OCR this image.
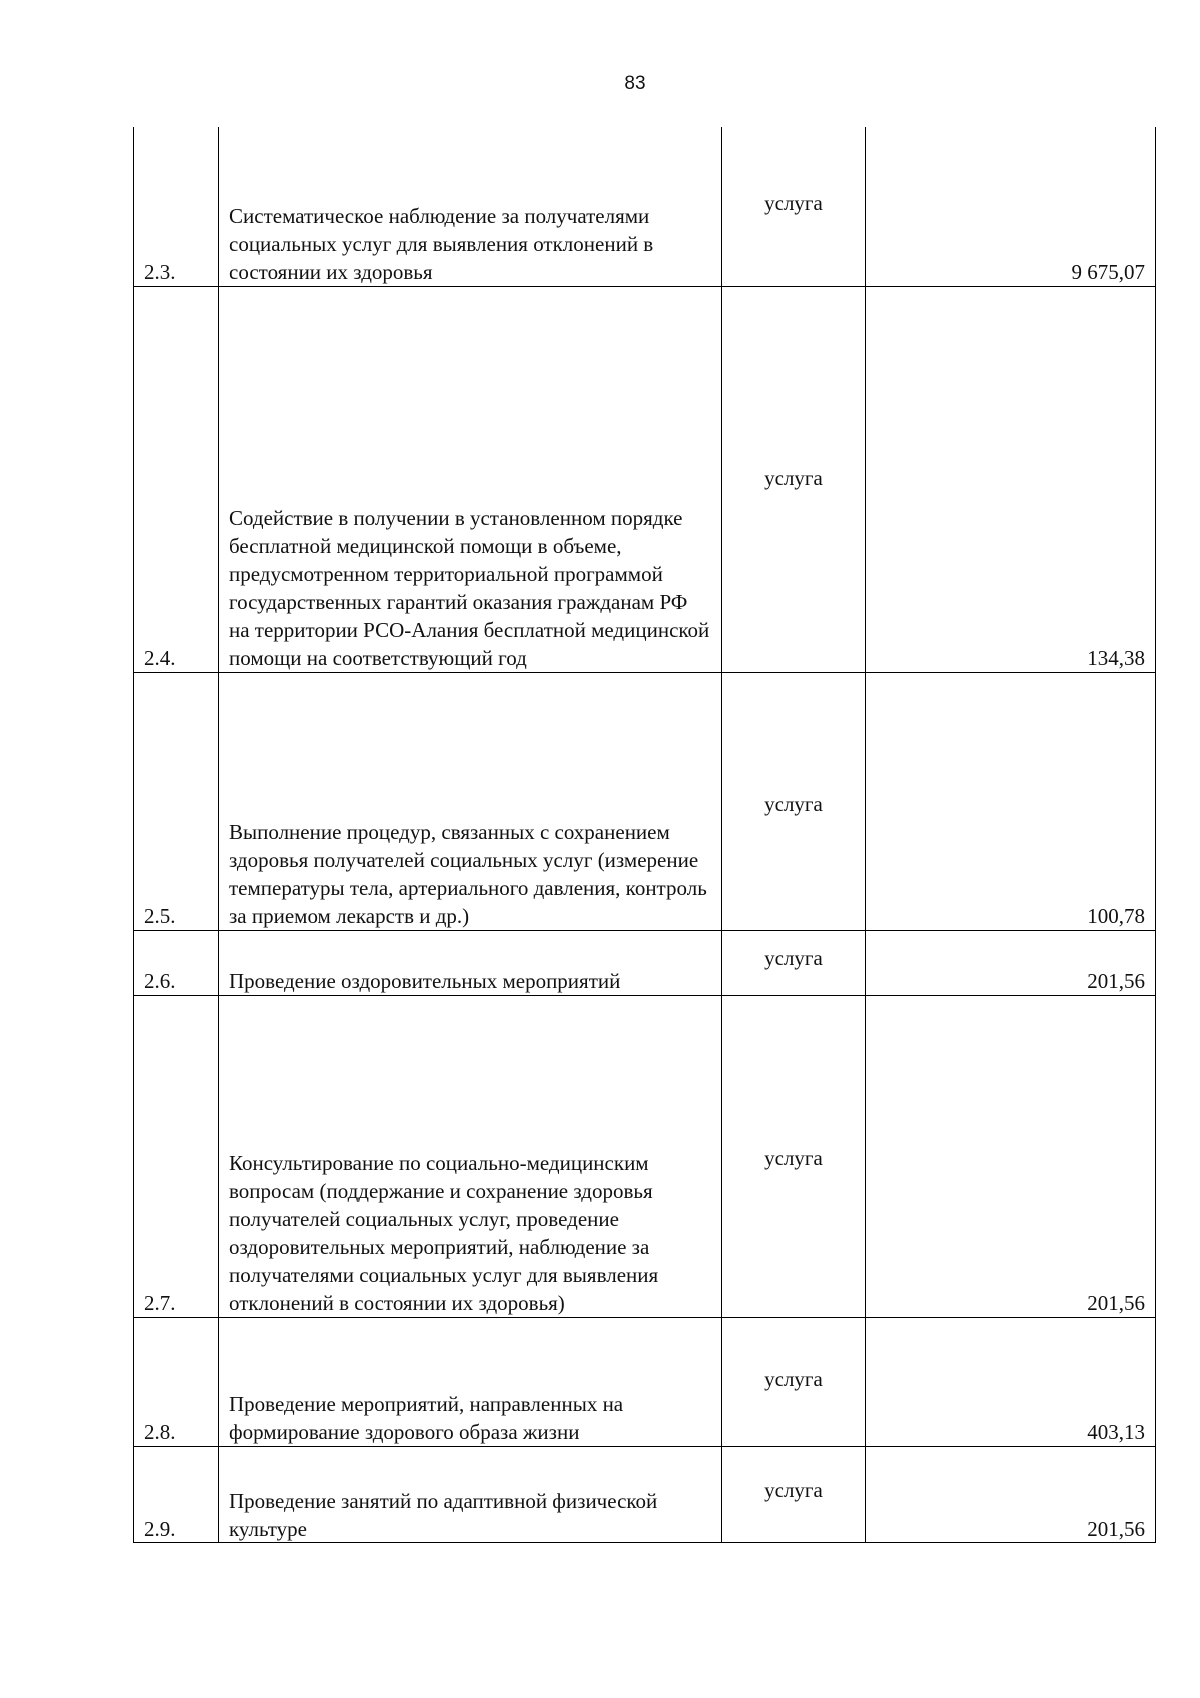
83
2.3.
Систематическое наблюдение за получателями социальных услуг для выявления отклонений в состоянии их здоровья
услуга
9 675,07
2.4.
Содействие в получении в установленном порядке бесплатной медицинской помощи в объеме, предусмотренном территориальной программой государственных гарантий оказания гражданам РФ на территории РСО-Алания бесплатной медицинской помощи на соответствующий год
услуга
134,38
2.5.
Выполнение процедур, связанных с сохранением здоровья получателей социальных услуг (измерение температуры тела, артериального давления, контроль за приемом лекарств и др.)
услуга
100,78
2.6.	Проведение оздоровительных мероприятий
услуга
201,56
2.7.
Консультирование по социально-медицинским вопросам (поддержание и сохранение здоровья получателей социальных услуг, проведение оздоровительных мероприятий, наблюдение за получателями социальных услуг для выявления отклонений в состоянии их здоровья)
услуга
201,56
2.8.
Проведение мероприятий, направленных на формирование здорового образа жизни
услуга
403,13
2.9.
Проведение занятий по адаптивной физической культуре
услуга
201,56
